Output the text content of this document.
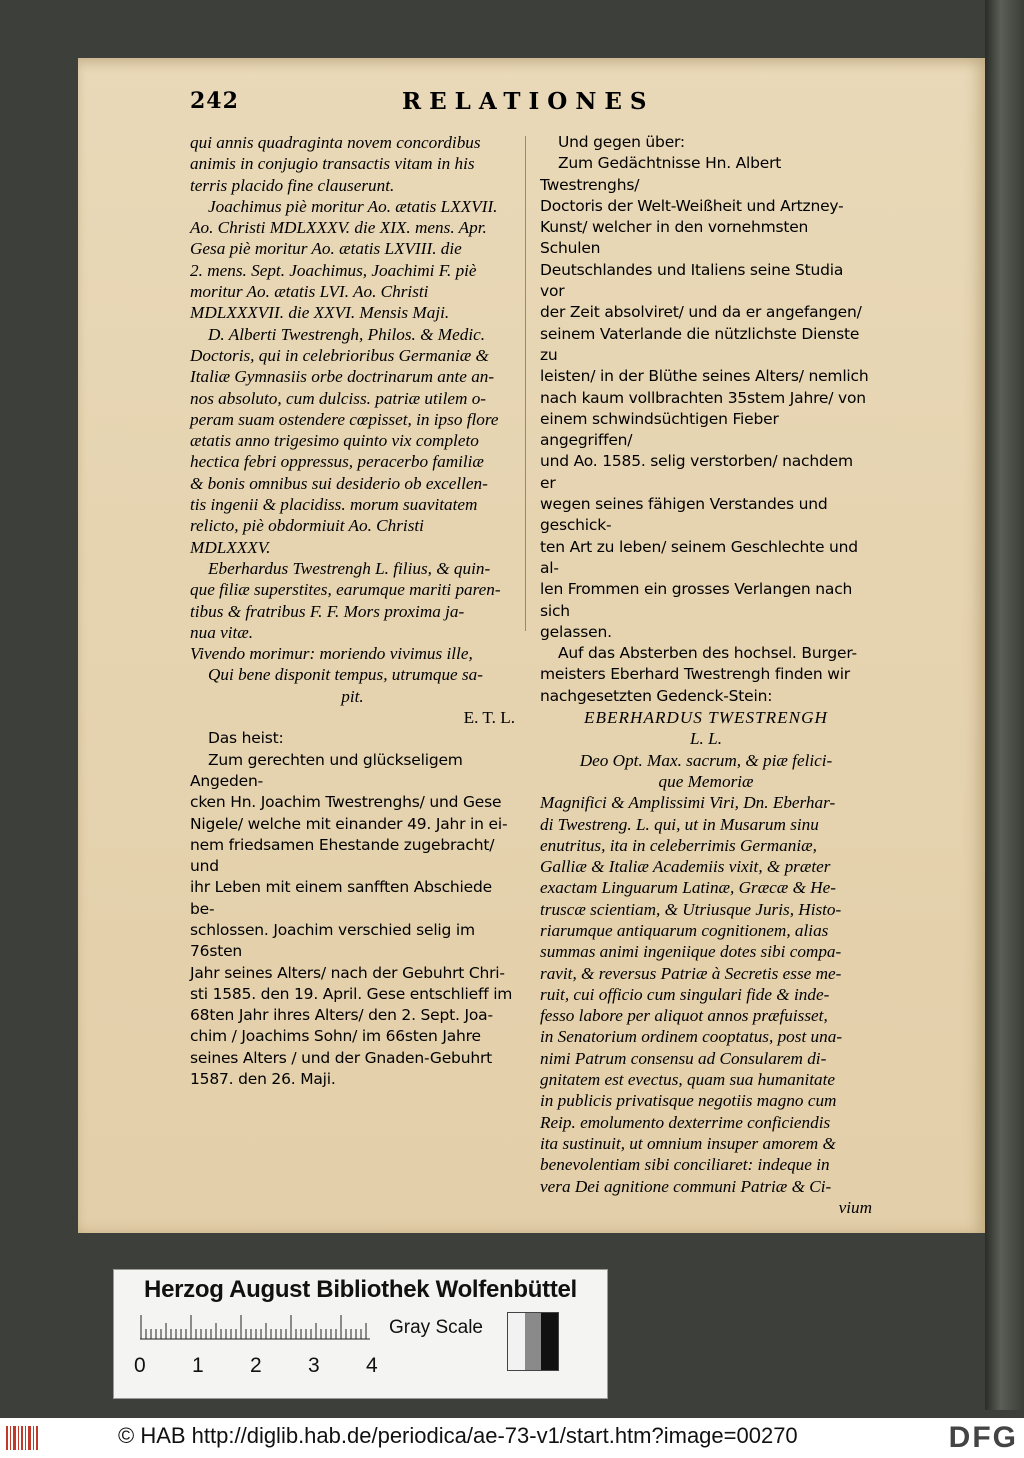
242	RELATIONES

qui annis quadraginta novem concordibus

animis in conjugio transactis vitam in his

terris placido fine clauserunt.

Joachimus piè moritur Ao. ætatis LXXVII.

Ao. Christi MDLXXXV. die XIX. mens. Apr.

Gesa piè moritur Ao. ætatis LXVIII. die

2. mens. Sept. Joachimus, Joachimi F. piè

moritur Ao. ætatis LVI. Ao. Christi

MDLXXXVII. die XXVI. Mensis Maji.

D. Alberti Twestrengh, Philos. & Medic.

Doctoris, qui in celebrioribus Germaniæ &

Italiæ Gymnasiis orbe doctrinarum ante an-

nos absoluto, cum dulciss. patriæ utilem o-

peram suam ostendere cœpisset, in ipso flore

ætatis anno trigesimo quinto vix completo

hectica febri oppressus, peracerbo familiæ

& bonis omnibus sui desiderio ob excellen-

tis ingenii & placidiss. morum suavitatem

relicto, piè obdormiuit Ao. Christi

MDLXXXV.

Eberhardus Twestrengh L. filius, & quin-

que filiæ superstites, earumque mariti paren-

tibus & fratribus F. F. Mors proxima ja-

nua vitæ.

Vivendo morimur: moriendo vivimus ille,

Qui bene disponit tempus, utrumque sa-

pit.

E. T. L.

Das heist:

Zum gerechten und glückseligem Angeden-

cken Hn. Joachim Twestrenghs/ und Gese

Nigele/ welche mit einander 49. Jahr in ei-

nem friedsamen Ehestande zugebracht/ und

ihr Leben mit einem sanfften Abschiede be-

schlossen. Joachim verschied selig im 76sten

Jahr seines Alters/ nach der Gebuhrt Chri-

sti 1585. den 19. April. Gese entschlieff im

68ten Jahr ihres Alters/ den 2. Sept. Joa-

chim / Joachims Sohn/ im 66sten Jahre

seines Alters / und der Gnaden-Gebuhrt

1587. den 26. Maji.

Und gegen über:

Zum Gedächtnisse Hn. Albert Twestrenghs/

Doctoris der Welt-Weißheit und Artzney-

Kunst/ welcher in den vornehmsten Schulen

Deutschlandes und Italiens seine Studia vor

der Zeit absolviret/ und da er angefangen/

seinem Vaterlande die nützlichste Dienste zu

leisten/ in der Blüthe seines Alters/ nemlich

nach kaum vollbrachten 35stem Jahre/ von

einem schwindsüchtigen Fieber angegriffen/

und Ao. 1585. selig verstorben/ nachdem er

wegen seines fähigen Verstandes und geschick-

ten Art zu leben/ seinem Geschlechte und al-

len Frommen ein grosses Verlangen nach sich

gelassen.

Auf das Absterben des hochsel. Burger-

meisters Eberhard Twestrengh finden wir

nachgesetzten Gedenck-Stein:

EBERHARDUS TWESTRENGH

L. L.

Deo Opt. Max. sacrum, & piæ felici-

que Memoriæ

Magnifici & Amplissimi Viri, Dn. Eberhar-

di Twestreng. L. qui, ut in Musarum sinu

enutritus, ita in celeberrimis Germaniæ,

Galliæ & Italiæ Academiis vixit, & præter

exactam Linguarum Latinæ, Græcæ & He-

truscæ scientiam, & Utriusque Juris, Histo-

riarumque antiquarum cognitionem, alias

summas animi ingeniique dotes sibi compa-

ravit, & reversus Patriæ à Secretis esse me-

ruit, cui officio cum singulari fide & inde-

fesso labore per aliquot annos præfuisset,

in Senatorium ordinem cooptatus, post una-

nimi Patrum consensu ad Consularem di-

gnitatem est evectus, quam sua humanitate

in publicis privatisque negotiis magno cum

Reip. emolumento dexterrime conficiendis

ita sustinuit, ut omnium insuper amorem &

benevolentiam sibi conciliaret: indeque in

vera Dei agnitione communi Patriæ & Ci-

vium

Herzog August Bibliothek Wolfenbüttel
Gray Scale
0 1 2 3 4
© HAB http://diglib.hab.de/periodica/ae-73-v1/start.htm?image=00270	DFG
